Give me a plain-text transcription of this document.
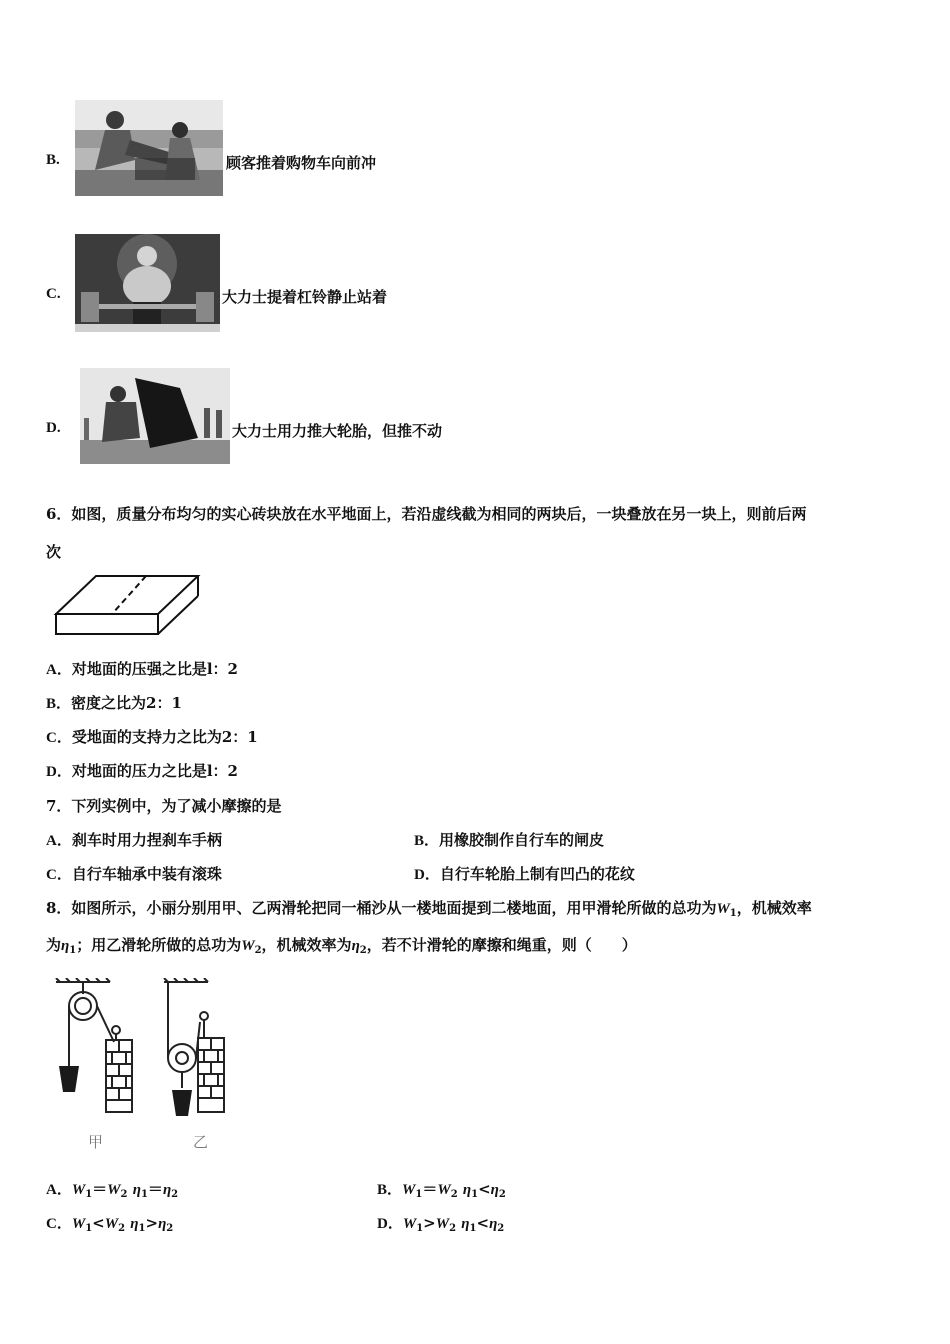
B.	顾客推着购物车向前冲
C.	大力士提着杠铃静止站着
D.	大力士用力推大轮胎，但推不动
6．如图，质量分布均匀的实心砖块放在水平地面上，若沿虚线截为相同的两块后，一块叠放在另一块上，则前后两
次
A．对地面的压强之比是l：2
B．密度之比为2：1
C．受地面的支持力之比为2：1
D．对地面的压力之比是l：2
7．下列实例中，为了减小摩擦的是
A．刹车时用力捏刹车手柄	B．用橡胶制作自行车的闸皮
C．自行车轴承中装有滚珠	D．自行车轮胎上制有凹凸的花纹
8．如图所示，小丽分别用甲、乙两滑轮把同一桶沙从一楼地面提到二楼地面，用甲滑轮所做的总功为$W_1$，机械效率
为$\eta_1$；用乙滑轮所做的总功为$W_2$，机械效率为$\eta_2$，若不计滑轮的摩擦和绳重，则（　　）
甲	乙
A．$W_1=W_2$ $\eta_1=\eta_2$	B．$W_1=W_2$ $\eta_1<\eta_2$
C．$W_1<W_2$ $\eta_1>\eta_2$	D．$W_1>W_2$ $\eta_1<\eta_2$
